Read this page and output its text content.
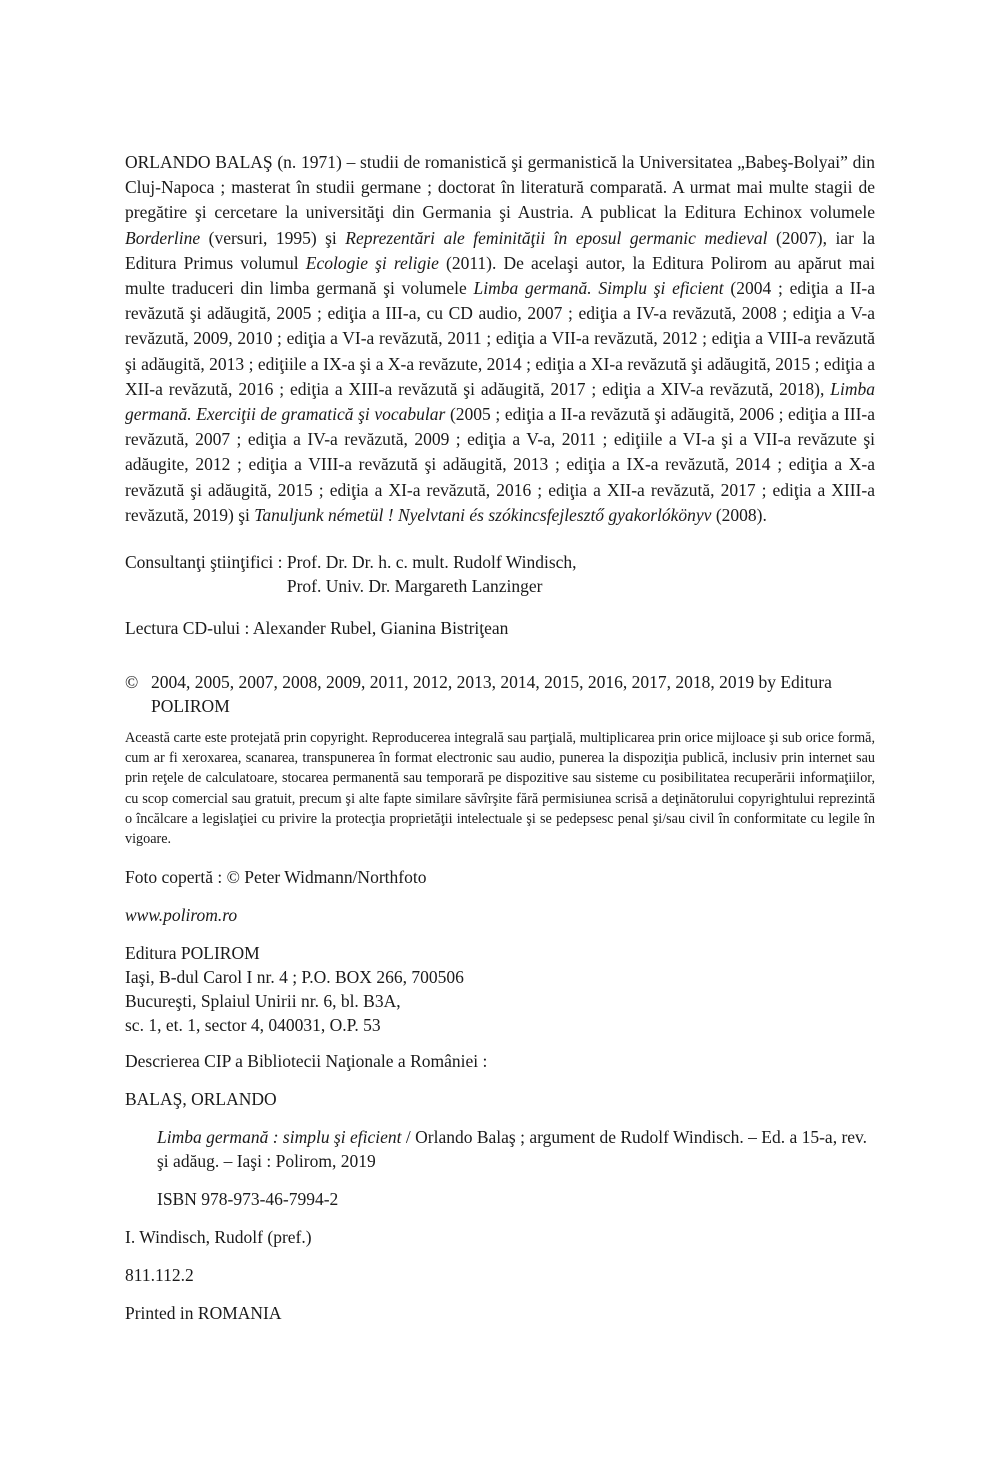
ORLANDO BALAŞ (n. 1971) – studii de romanistică şi germanistică la Universitatea „Babeş-Bolyai” din Cluj-Napoca ; masterat în studii germane ; doctorat în literatură comparată. A urmat mai multe stagii de pregătire şi cercetare la universităţi din Germania şi Austria. A publicat la Editura Echinox volumele Borderline (versuri, 1995) şi Reprezentări ale feminităţii în eposul germanic medieval (2007), iar la Editura Primus volumul Ecologie şi religie (2011). De acelaşi autor, la Editura Polirom au apărut mai multe traduceri din limba germană şi volumele Limba germană. Simplu şi eficient (2004 ; ediţia a II-a revăzută şi adăugită, 2005 ; ediţia a III-a, cu CD audio, 2007 ; ediţia a IV-a revăzută, 2008 ; ediţia a V-a revăzută, 2009, 2010 ; ediţia a VI-a revăzută, 2011 ; ediţia a VII-a revăzută, 2012 ; ediţia a VIII-a revăzută şi adăugită, 2013 ; ediţiile a IX-a şi a X-a revăzute, 2014 ; ediţia a XI-a revăzută şi adăugită, 2015 ; ediţia a XII-a revăzută, 2016 ; ediţia a XIII-a revăzută şi adăugită, 2017 ; ediţia a XIV-a revăzută, 2018), Limba germană. Exerciţii de gramatică şi vocabular (2005 ; ediţia a II-a revăzută şi adăugită, 2006 ; ediţia a III-a revăzută, 2007 ; ediţia a IV-a revăzută, 2009 ; ediţia a V-a, 2011 ; ediţiile a VI-a şi a VII-a revăzute şi adăugite, 2012 ; ediţia a VIII-a revăzută şi adăugită, 2013 ; ediţia a IX-a revăzută, 2014 ; ediţia a X-a revăzută şi adăugită, 2015 ; ediţia a XI-a revăzută, 2016 ; ediţia a XII-a revăzută, 2017 ; ediţia a XIII-a revăzută, 2019) şi Tanuljunk németül ! Nyelvtani és szókincsfejlesztő gyakorlókönyv (2008).

Consultanţi ştiinţifici : Prof. Dr. Dr. h. c. mult. Rudolf Windisch,
Prof. Univ. Dr. Margareth Lanzinger

Lectura CD-ului : Alexander Rubel, Gianina Bistriţean

© 2004, 2005, 2007, 2008, 2009, 2011, 2012, 2013, 2014, 2015, 2016, 2017, 2018, 2019 by Editura POLIROM

Această carte este protejată prin copyright. Reproducerea integrală sau parţială, multiplicarea prin orice mijloace şi sub orice formă, cum ar fi xeroxarea, scanarea, transpunerea în format electronic sau audio, punerea la dispoziţia publică, inclusiv prin internet sau prin reţele de calculatoare, stocarea permanentă sau temporară pe dispozitive sau sisteme cu posibilitatea recuperării informaţiilor, cu scop comercial sau gratuit, precum şi alte fapte similare săvîrşite fără permisiunea scrisă a deţinătorului copyrightului reprezintă o încălcare a legislaţiei cu privire la protecţia proprietăţii intelectuale şi se pedepsesc penal şi/sau civil în conformitate cu legile în vigoare.

Foto copertă : © Peter Widmann/Northfoto

www.polirom.ro

Editura POLIROM
Iaşi, B-dul Carol I nr. 4 ; P.O. BOX 266, 700506
Bucureşti, Splaiul Unirii nr. 6, bl. B3A,
sc. 1, et. 1, sector 4, 040031, O.P. 53

Descrierea CIP a Bibliotecii Naţionale a României :

BALAŞ, ORLANDO

Limba germană : simplu şi eficient / Orlando Balaş ; argument de Rudolf Windisch. – Ed. a 15-a, rev. şi adăug. – Iaşi : Polirom, 2019

ISBN 978-973-46-7994-2

I. Windisch, Rudolf (pref.)

811.112.2

Printed in ROMANIA
